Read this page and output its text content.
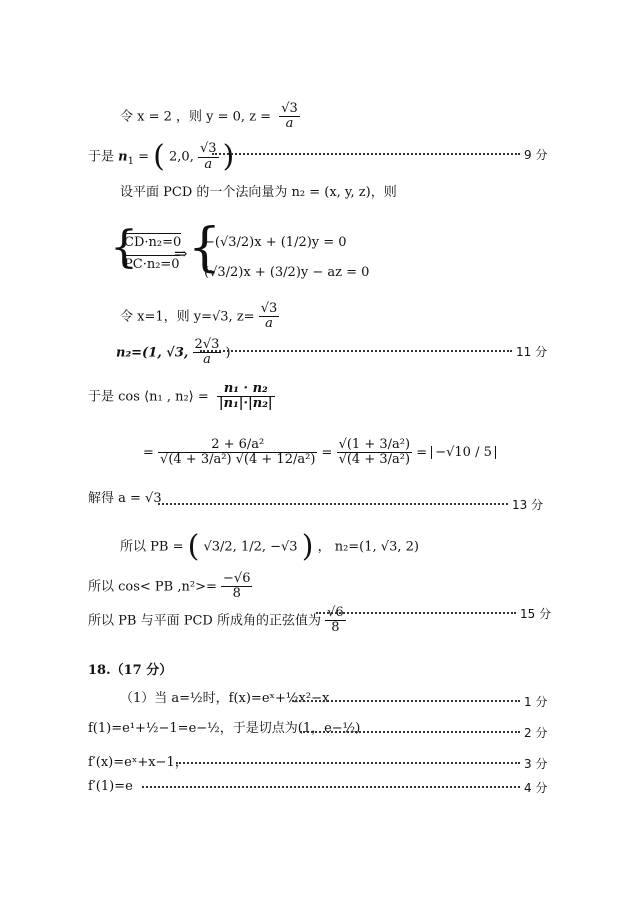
令 x = 2 ，则 y = 0, $z = \frac{√3}{a}$
于是 $n_1$ = ( 2,0, $\frac{√3}{a}$ )	9 分
设平面 PCD 的一个法向量为 n₂ = (x, y, z)，则
{
CD·n₂=0
PC·n₂=0
⇒ {
−(√3/2)x + (1/2)y = 0
(√3/2)x + (3/2)y − az = 0
令 x=1，则 y=√3, $z= \frac{√3}{a}$
n₂=(1, √3, $\frac{2√3}{a}$ )	11 分
于是 cos ⟨n₁ , n₂⟩ = $\frac{\text{n₁ · n₂}}{\text{|n₁|·|n₂|}}$
= $\frac{\text{2 + 6/a²}}{\text{√(4 + 3/a²) √(4 + 12/a²)}} = \frac{\text{√(1 + 3/a²)}}{\text{√(4 + 3/a²)}} = -√10 / 5$
解得 a = √3	13 分
所以 PB = ( √3/2, 1/2, −√3 ) ， n₂=(1, √3, 2)
所以 cos< PB $,n^2>= \frac{-√6}{8}$
所以 PB 与平面 PCD 所成角的正弦值为 $\frac{√6}{8}$	15 分
18.（17 分）
（1）当 a=½时，f(x)=eˣ+½x²−x	1 分
f(1)=e¹+½−1=e−½，于是切点为(1，e−½)	2 分
f′(x)=eˣ+x−1，	3 分
f′(1)=e	4 分
